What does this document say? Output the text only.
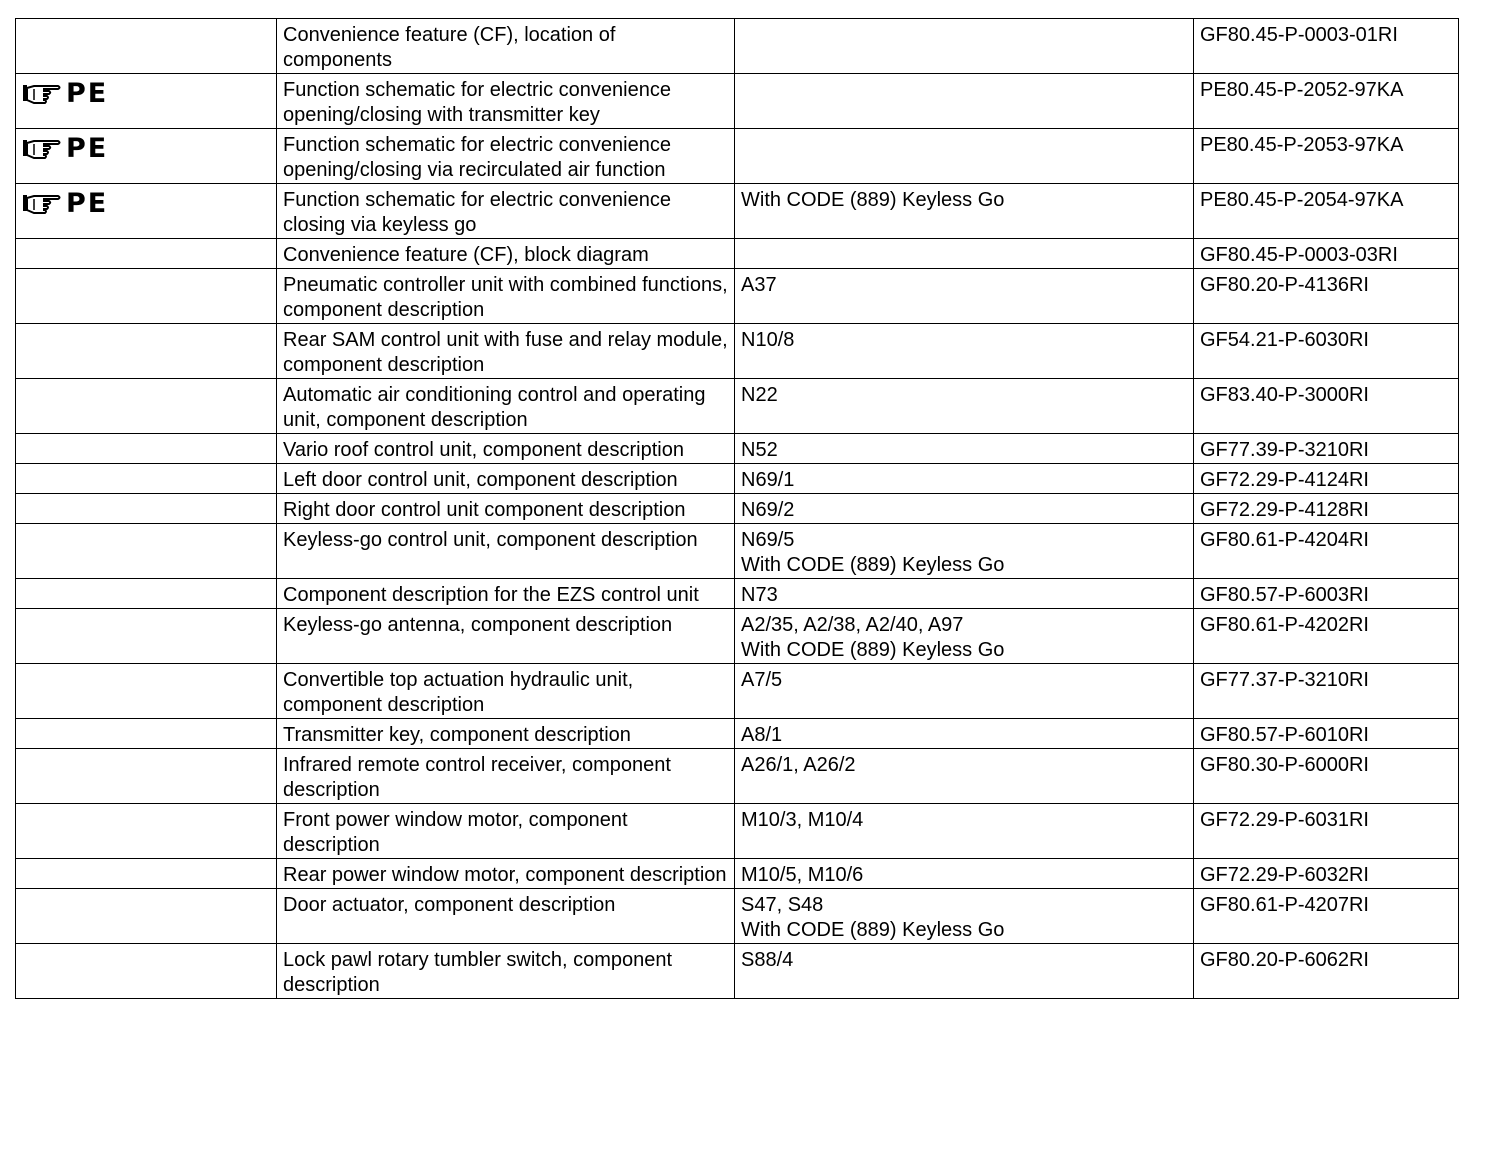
	Convenience feature (CF), location of components		GF80.45-P-0003-01RI

PE	Function schematic for electric convenience opening/closing with transmitter key		PE80.45-P-2052-97KA

PE	Function schematic for electric convenience opening/closing via recirculated air function		PE80.45-P-2053-97KA

PE	Function schematic for electric convenience closing via keyless go	With CODE (889) Keyless Go	PE80.45-P-2054-97KA
	Convenience feature (CF), block diagram		GF80.45-P-0003-03RI
	Pneumatic controller unit with combined functions, component description	A37	GF80.20-P-4136RI
	Rear SAM control unit with fuse and relay module, component description	N10/8	GF54.21-P-6030RI
	Automatic air conditioning control and operating unit, component description	N22	GF83.40-P-3000RI
	Vario roof control unit, component description	N52	GF77.39-P-3210RI
	Left door control unit, component description	N69/1	GF72.29-P-4124RI
	Right door control unit component description	N69/2	GF72.29-P-4128RI
	Keyless-go control unit, component description	N69/5
With CODE (889) Keyless Go	GF80.61-P-4204RI
	Component description for the EZS control unit	N73	GF80.57-P-6003RI
	Keyless-go antenna, component description	A2/35, A2/38, A2/40, A97
With CODE (889) Keyless Go	GF80.61-P-4202RI
	Convertible top actuation hydraulic unit, component description	A7/5	GF77.37-P-3210RI
	Transmitter key, component description	A8/1	GF80.57-P-6010RI
	Infrared remote control receiver, component description	A26/1, A26/2	GF80.30-P-6000RI
	Front power window motor, component description	M10/3, M10/4	GF72.29-P-6031RI
	Rear power window motor, component description	M10/5, M10/6	GF72.29-P-6032RI
	Door actuator, component description	S47, S48
With CODE (889) Keyless Go	GF80.61-P-4207RI
	Lock pawl rotary tumbler switch, component description	S88/4	GF80.20-P-6062RI
